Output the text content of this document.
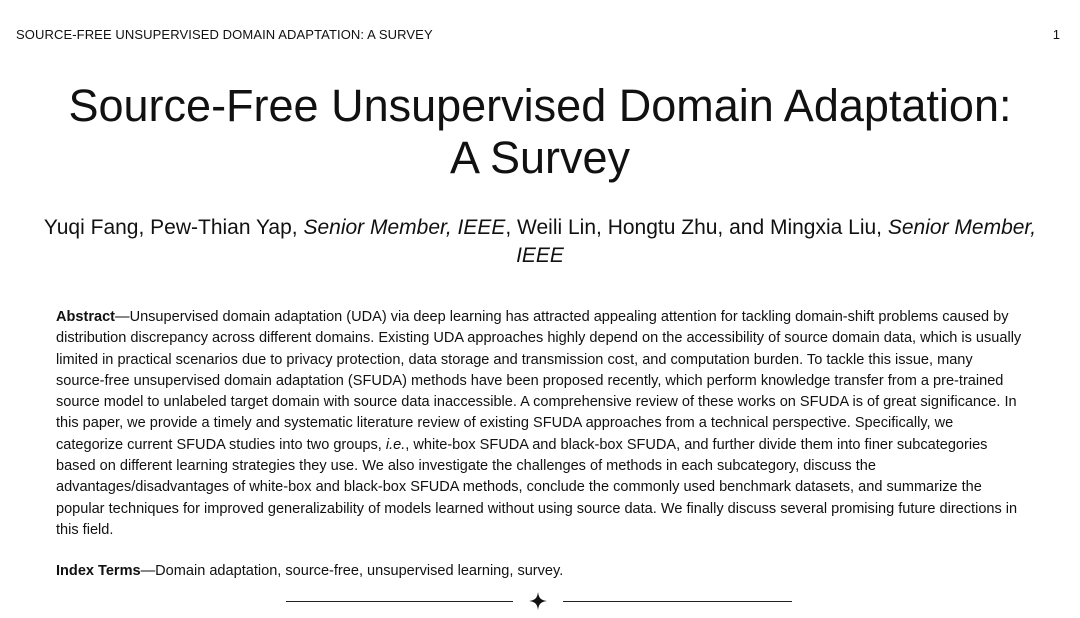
SOURCE-FREE UNSUPERVISED DOMAIN ADAPTATION: A SURVEY	1
Source-Free Unsupervised Domain Adaptation:
A Survey
Yuqi Fang, Pew-Thian Yap, Senior Member, IEEE, Weili Lin, Hongtu Zhu, and Mingxia Liu, Senior Member, IEEE
Abstract—Unsupervised domain adaptation (UDA) via deep learning has attracted appealing attention for tackling domain-shift problems caused by distribution discrepancy across different domains. Existing UDA approaches highly depend on the accessibility of source domain data, which is usually limited in practical scenarios due to privacy protection, data storage and transmission cost, and computation burden. To tackle this issue, many source-free unsupervised domain adaptation (SFUDA) methods have been proposed recently, which perform knowledge transfer from a pre-trained source model to unlabeled target domain with source data inaccessible. A comprehensive review of these works on SFUDA is of great significance. In this paper, we provide a timely and systematic literature review of existing SFUDA approaches from a technical perspective. Specifically, we categorize current SFUDA studies into two groups, i.e., white-box SFUDA and black-box SFUDA, and further divide them into finer subcategories based on different learning strategies they use. We also investigate the challenges of methods in each subcategory, discuss the advantages/disadvantages of white-box and black-box SFUDA methods, conclude the commonly used benchmark datasets, and summarize the popular techniques for improved generalizability of models learned without using source data. We finally discuss several promising future directions in this field.
Index Terms—Domain adaptation, source-free, unsupervised learning, survey.
